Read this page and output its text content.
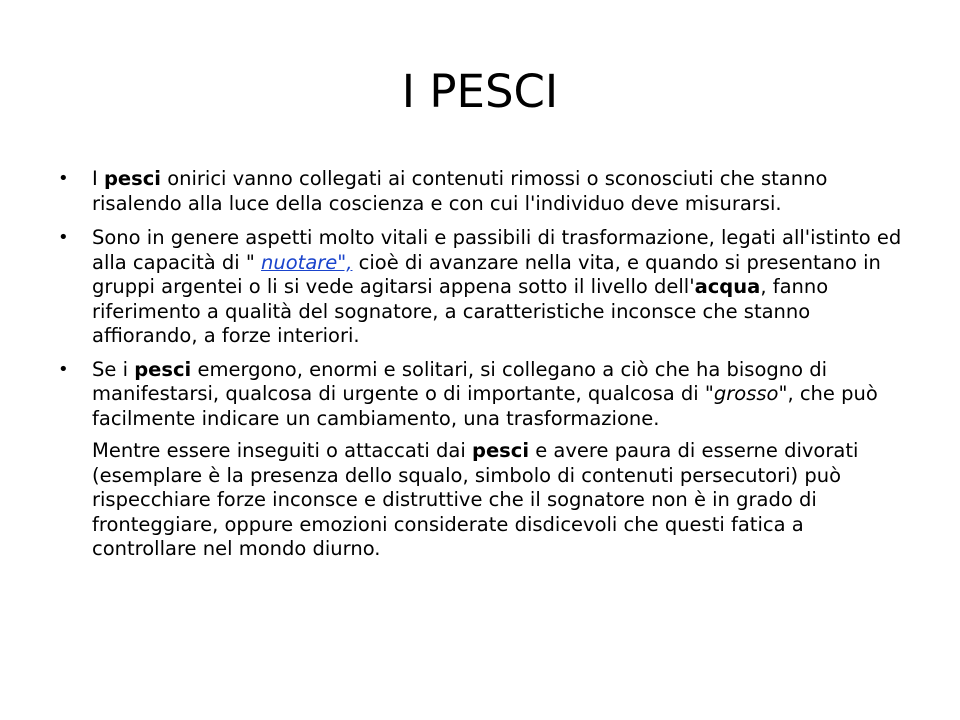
I PESCI

• I pesci onirici vanno collegati ai contenuti rimossi o sconosciuti che stanno risalendo alla luce della coscienza e con cui l'individuo deve misurarsi.

• Sono in genere aspetti molto vitali e passibili di trasformazione, legati all'istinto ed alla capacità di " nuotare", cioè di avanzare nella vita, e quando si presentano in gruppi argentei o li si vede agitarsi appena sotto il livello dell'acqua, fanno riferimento a qualità del sognatore, a caratteristiche inconsce che stanno affiorando, a forze interiori.

• Se i pesci emergono, enormi e solitari, si collegano a ciò che ha bisogno di manifestarsi, qualcosa di urgente o di importante, qualcosa di "grosso", che può facilmente indicare un cambiamento, una trasformazione.

Mentre essere inseguiti o attaccati dai pesci e avere paura di esserne divorati (esemplare è la presenza dello squalo, simbolo di contenuti persecutori) può rispecchiare forze inconsce e distruttive che il sognatore non è in grado di fronteggiare, oppure emozioni considerate disdicevoli che questi fatica a controllare nel mondo diurno.
